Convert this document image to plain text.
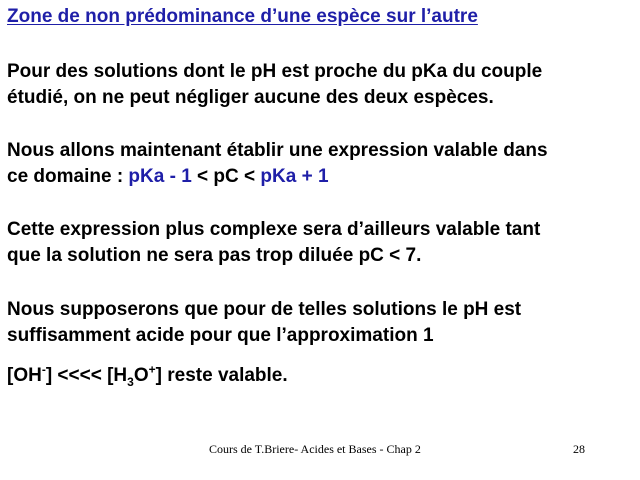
Zone de non prédominance d’une espèce sur l’autre
Pour des solutions dont le pH est proche du pKa du couple
étudié, on ne peut négliger aucune des deux espèces.
Nous allons maintenant établir une expression valable dans
ce domaine : pKa - 1 < pC < pKa + 1
Cette expression plus complexe sera d’ailleurs valable tant
que la solution ne sera pas trop diluée pC < 7.
Nous supposerons que pour de telles solutions le pH est
suffisamment acide pour que l’approximation 1
[OH-] <<<< $[H_3O^+]$ reste valable.
Cours de T.Briere- Acides et Bases - Chap 2	28
